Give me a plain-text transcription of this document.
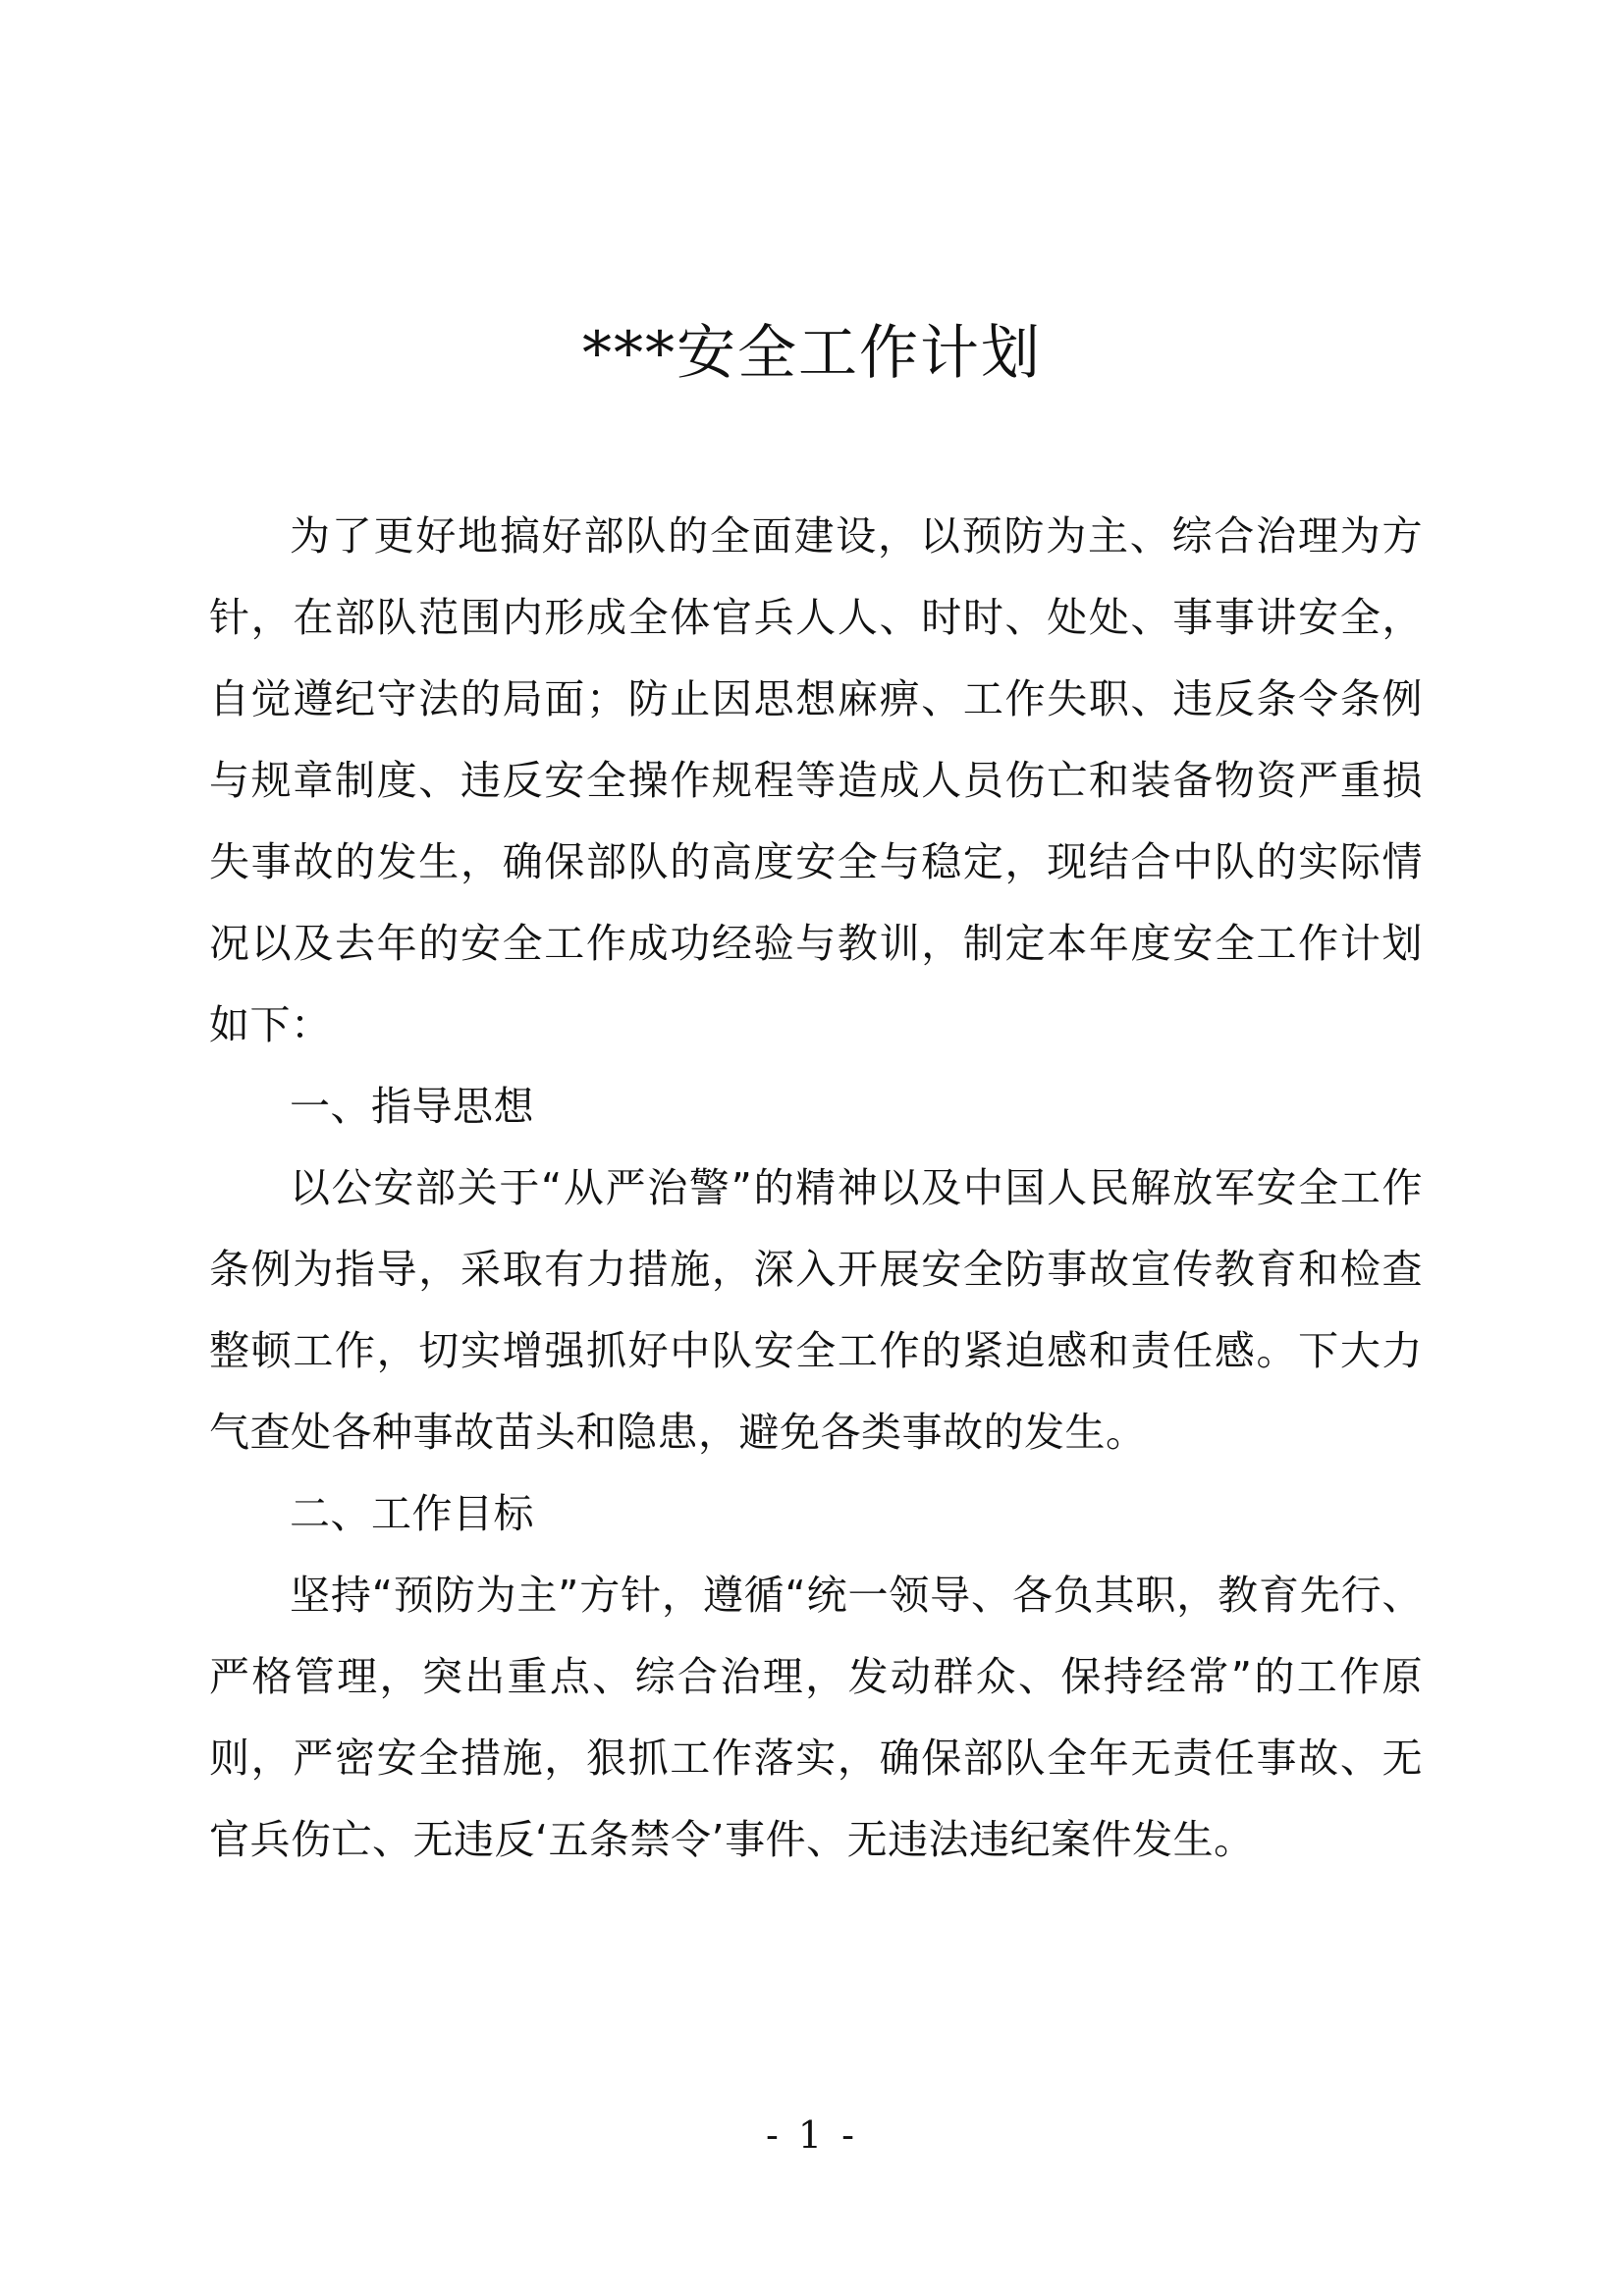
***安全工作计划

为了更好地搞好部队的全面建设，以预防为主、综合治理为方针，在部队范围内形成全体官兵人人、时时、处处、事事讲安全，自觉遵纪守法的局面；防止因思想麻痹、工作失职、违反条令条例与规章制度、违反安全操作规程等造成人员伤亡和装备物资严重损失事故的发生，确保部队的高度安全与稳定，现结合中队的实际情况以及去年的安全工作成功经验与教训，制定本年度安全工作计划如下：

一、指导思想

以公安部关于“从严治警”的精神以及中国人民解放军安全工作条例为指导，采取有力措施，深入开展安全防事故宣传教育和检查整顿工作，切实增强抓好中队安全工作的紧迫感和责任感。下大力气查处各种事故苗头和隐患，避免各类事故的发生。

二、工作目标

坚持“预防为主”方针，遵循“统一领导、各负其职，教育先行、严格管理，突出重点、综合治理，发动群众、保持经常”的工作原则，严密安全措施，狠抓工作落实，确保部队全年无责任事故、无官兵伤亡、无违反‘五条禁令’事件、无违法违纪案件发生。

- 1 -
